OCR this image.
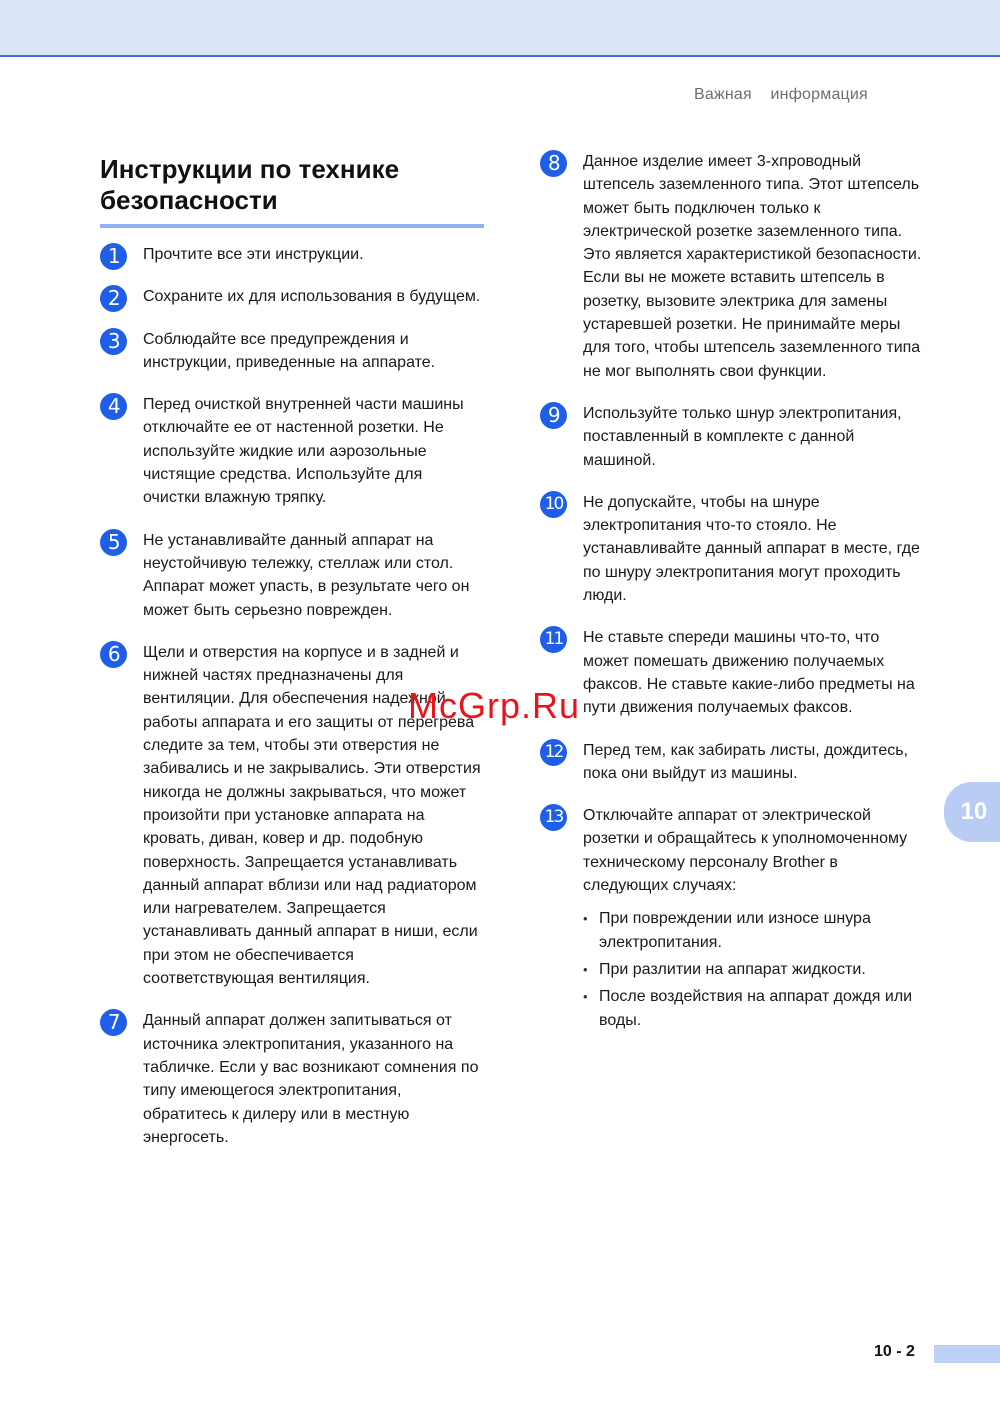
Важная информация
Инструкции по технике безопасности
1	Прочтите все эти инструкции.
2	Сохраните их для использования в будущем.
3	Соблюдайте все предупреждения и инструкции, приведенные на аппарате.
4	Перед очисткой внутренней части машины отключайте ее от настенной розетки. Не используйте жидкие или аэрозольные чистящие средства. Используйте для очистки влажную тряпку.
5	Не устанавливайте данный аппарат на неустойчивую тележку, стеллаж или стол. Аппарат может упасть, в результате чего он может быть серьезно поврежден.
6	Щели и отверстия на корпусе и в задней и нижней частях предназначены для вентиляции. Для обеспечения надежной работы аппарата и его защиты от перегрева следите за тем, чтобы эти отверстия не забивались и не закрывались. Эти отверстия никогда не должны закрываться, что может произойти при установке аппарата на кровать, диван, ковер и др. подобную поверхность. Запрещается устанавливать данный аппарат вблизи или над радиатором или нагревателем. Запрещается устанавливать данный аппарат в ниши, если при этом не обеспечивается соответствующая вентиляция.
7	Данный аппарат должен запитываться от источника электропитания, указанного на табличке. Если у вас возникают сомнения по типу имеющегося электропитания, обратитесь к дилеру или в местную энергосеть.
8	Данное изделие имеет 3-хпроводный штепсель заземленного типа. Этот штепсель может быть подключен только к электрической розетке заземленного типа. Это является характеристикой безопасности. Если вы не можете вставить штепсель в розетку, вызовите электрика для замены устаревшей розетки. Не принимайте меры для того, чтобы штепсель заземленного типа не мог выполнять свои функции.
9	Используйте только шнур электропитания, поставленный в комплекте с данной машиной.
10 Не допускайте, чтобы на шнуре электропитания что-то стояло. Не устанавливайте данный аппарат в месте, где по шнуру электропитания могут проходить люди.
11 Не ставьте спереди машины что-то, что может помешать движению получаемых факсов. Не ставьте какие-либо предметы на пути движения получаемых факсов.
12 Перед тем, как забирать листы, дождитесь, пока они выйдут из машины.
13 Отключайте аппарат от электрической розетки и обращайтесь к уполномоченному техническому персоналу Brother в следующих случаях:
• При повреждении или износе шнура электропитания.
• При разлитии на аппарат жидкости.
• После воздействия на аппарат дождя или воды.
10
McGrp.Ru
10 - 2
